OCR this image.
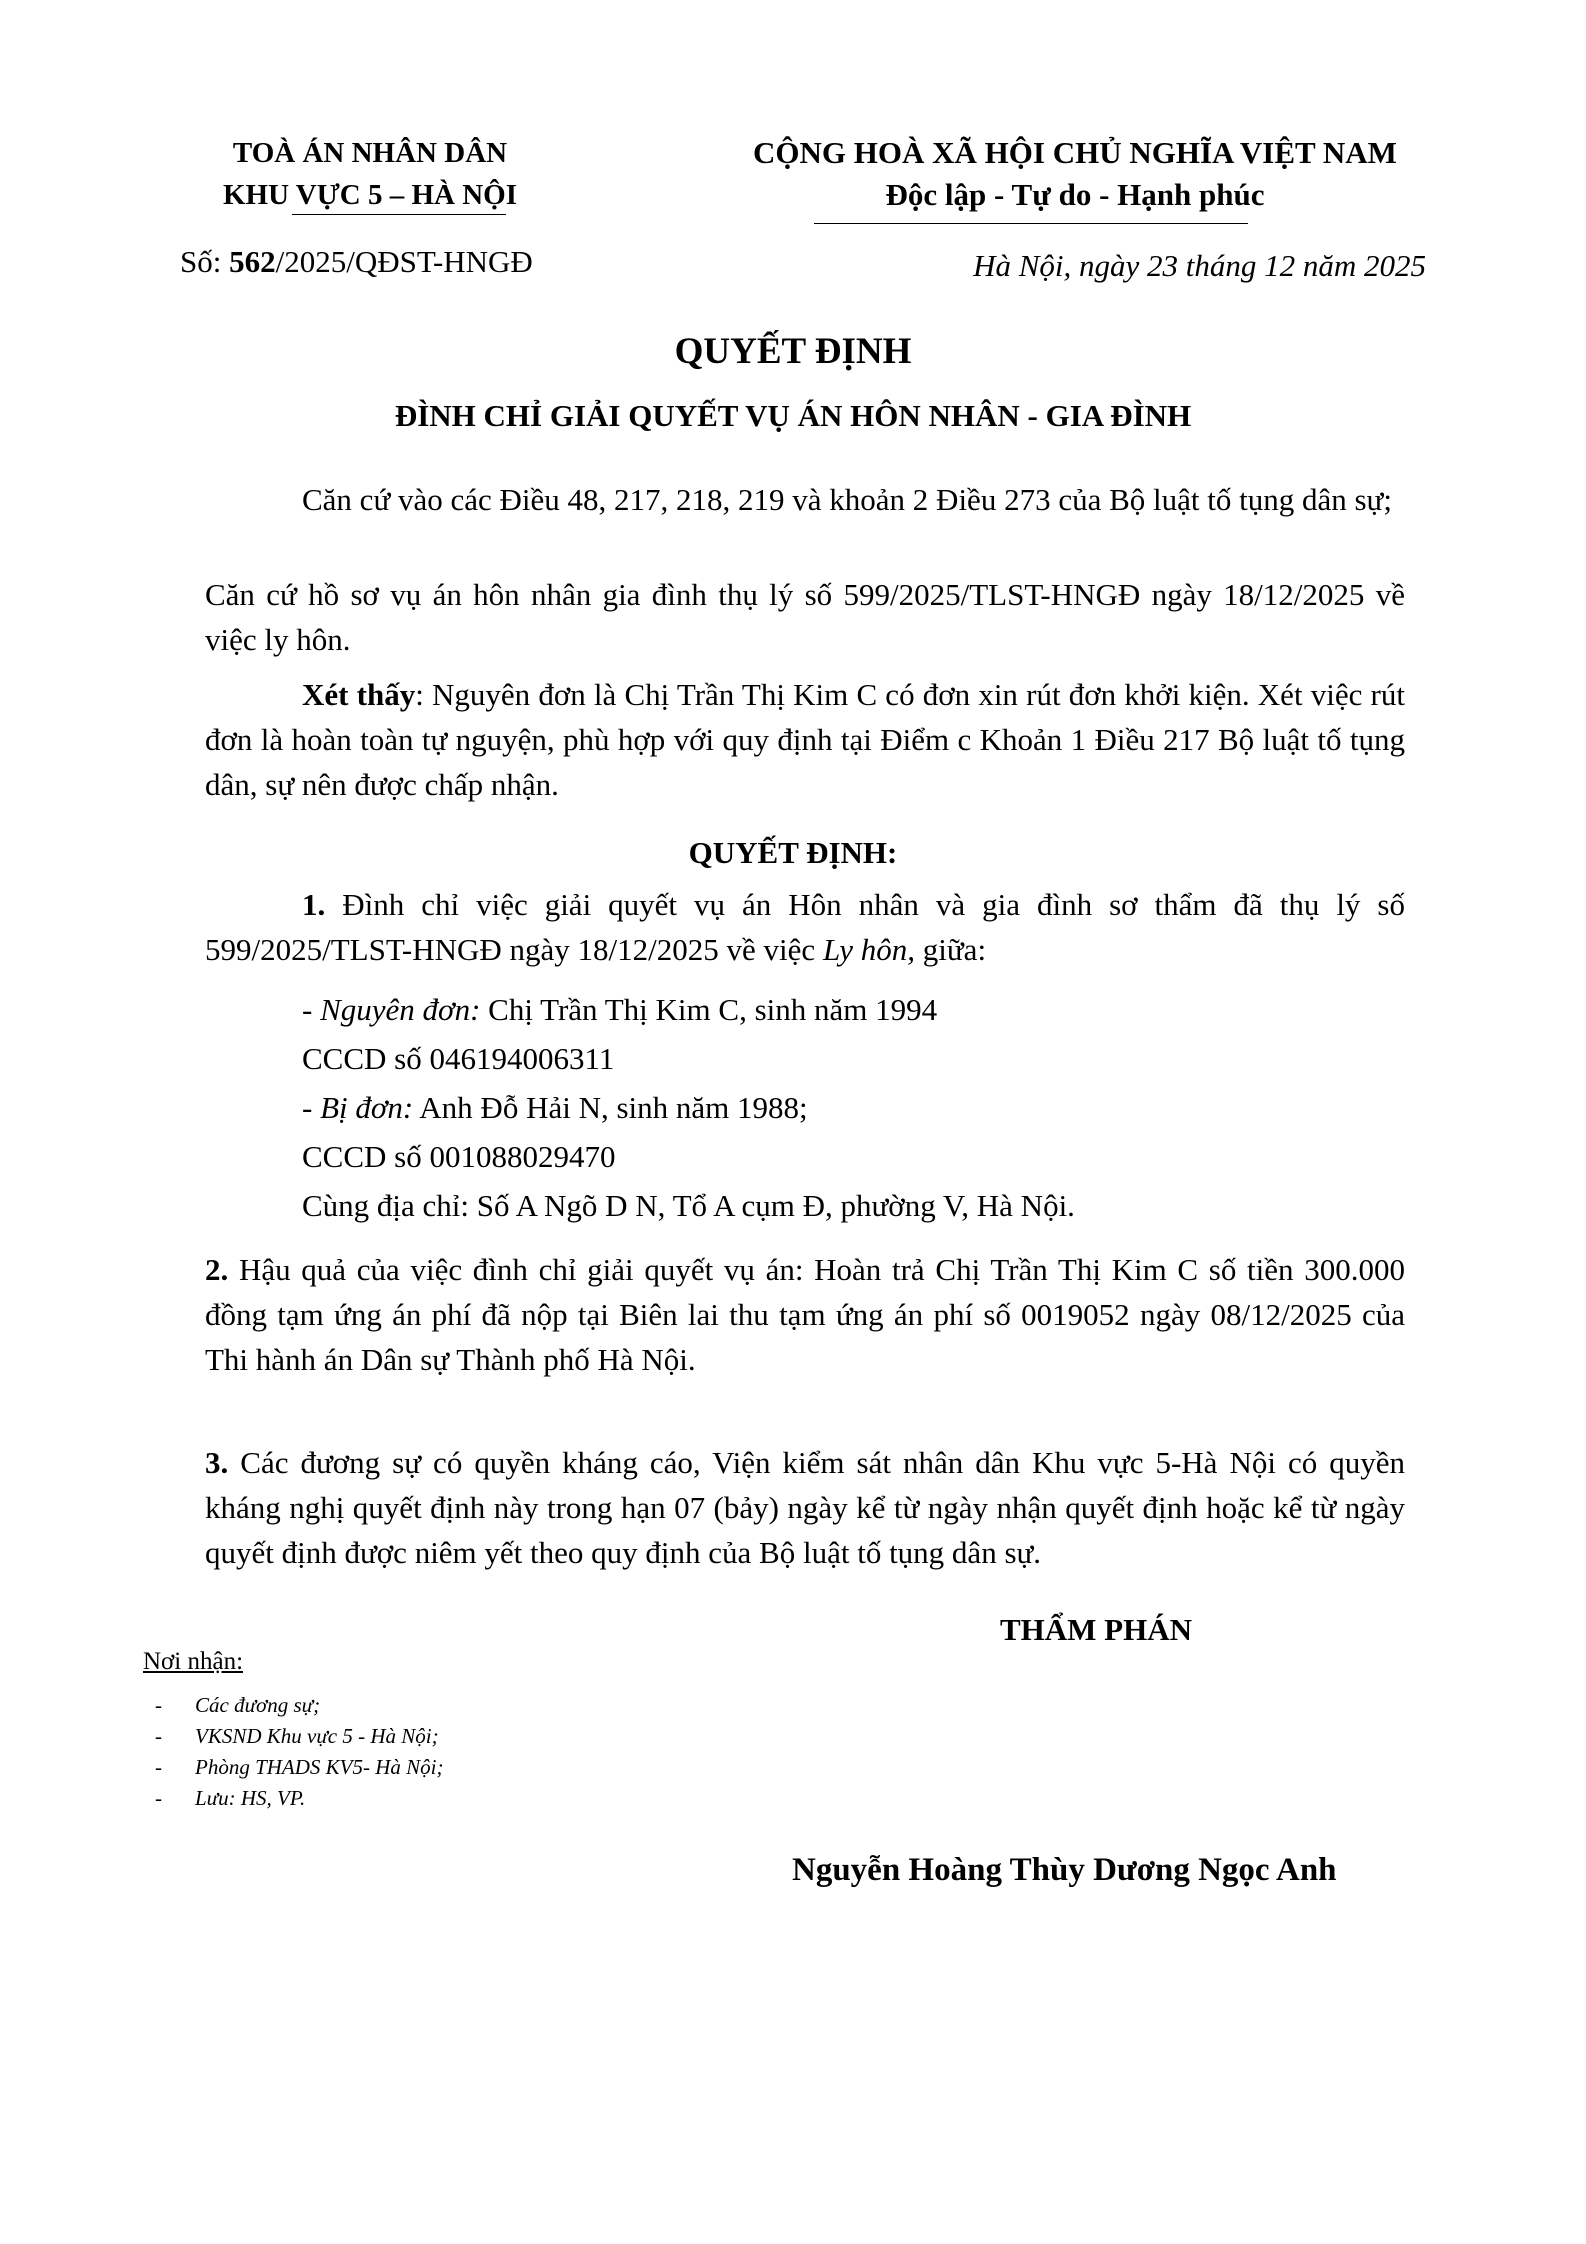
TOÀ ÁN NHÂN DÂN
KHU VỰC 5 – HÀ NỘI
Số: 562/2025/QĐST-HNGĐ
CỘNG HOÀ XÃ HỘI CHỦ NGHĨA VIỆT NAM
Độc lập - Tự do - Hạnh phúc
Hà Nội, ngày 23 tháng 12 năm 2025
QUYẾT ĐỊNH
ĐÌNH CHỈ GIẢI QUYẾT VỤ ÁN HÔN NHÂN - GIA ĐÌNH
Căn cứ vào các Điều 48, 217, 218, 219 và khoản 2 Điều 273 của Bộ luật tố tụng dân sự;
Căn cứ hồ sơ vụ án hôn nhân gia đình thụ lý số 599/2025/TLST-HNGĐ ngày 18/12/2025 về việc ly hôn.
Xét thấy: Nguyên đơn là Chị Trần Thị Kim C có đơn xin rút đơn khởi kiện. Xét việc rút đơn là hoàn toàn tự nguyện, phù hợp với quy định tại Điểm c Khoản 1 Điều 217 Bộ luật tố tụng dân, sự nên được chấp nhận.
QUYẾT ĐỊNH:
1. Đình chỉ việc giải quyết vụ án Hôn nhân và gia đình sơ thẩm đã thụ lý số 599/2025/TLST-HNGĐ ngày 18/12/2025 về việc Ly hôn, giữa:
- Nguyên đơn: Chị Trần Thị Kim C, sinh năm 1994
CCCD số 046194006311
- Bị đơn: Anh Đỗ Hải N, sinh năm 1988;
CCCD số 001088029470
Cùng địa chỉ: Số A Ngõ D N, Tổ A cụm Đ, phường V, Hà Nội.
2. Hậu quả của việc đình chỉ giải quyết vụ án: Hoàn trả Chị Trần Thị Kim C số tiền 300.000 đồng tạm ứng án phí đã nộp tại Biên lai thu tạm ứng án phí số 0019052 ngày 08/12/2025 của Thi hành án Dân sự Thành phố Hà Nội.
3. Các đương sự có quyền kháng cáo, Viện kiểm sát nhân dân Khu vực 5-Hà Nội có quyền kháng nghị quyết định này trong hạn 07 (bảy) ngày kể từ ngày nhận quyết định hoặc kể từ ngày quyết định được niêm yết theo quy định của Bộ luật tố tụng dân sự.
THẨM PHÁN
Nguyễn Hoàng Thùy Dương Ngọc Anh
Nơi nhận:
- Các đương sự;
- VKSND Khu vực 5 - Hà Nội;
- Phòng THADS KV5- Hà Nội;
- Lưu: HS, VP.
